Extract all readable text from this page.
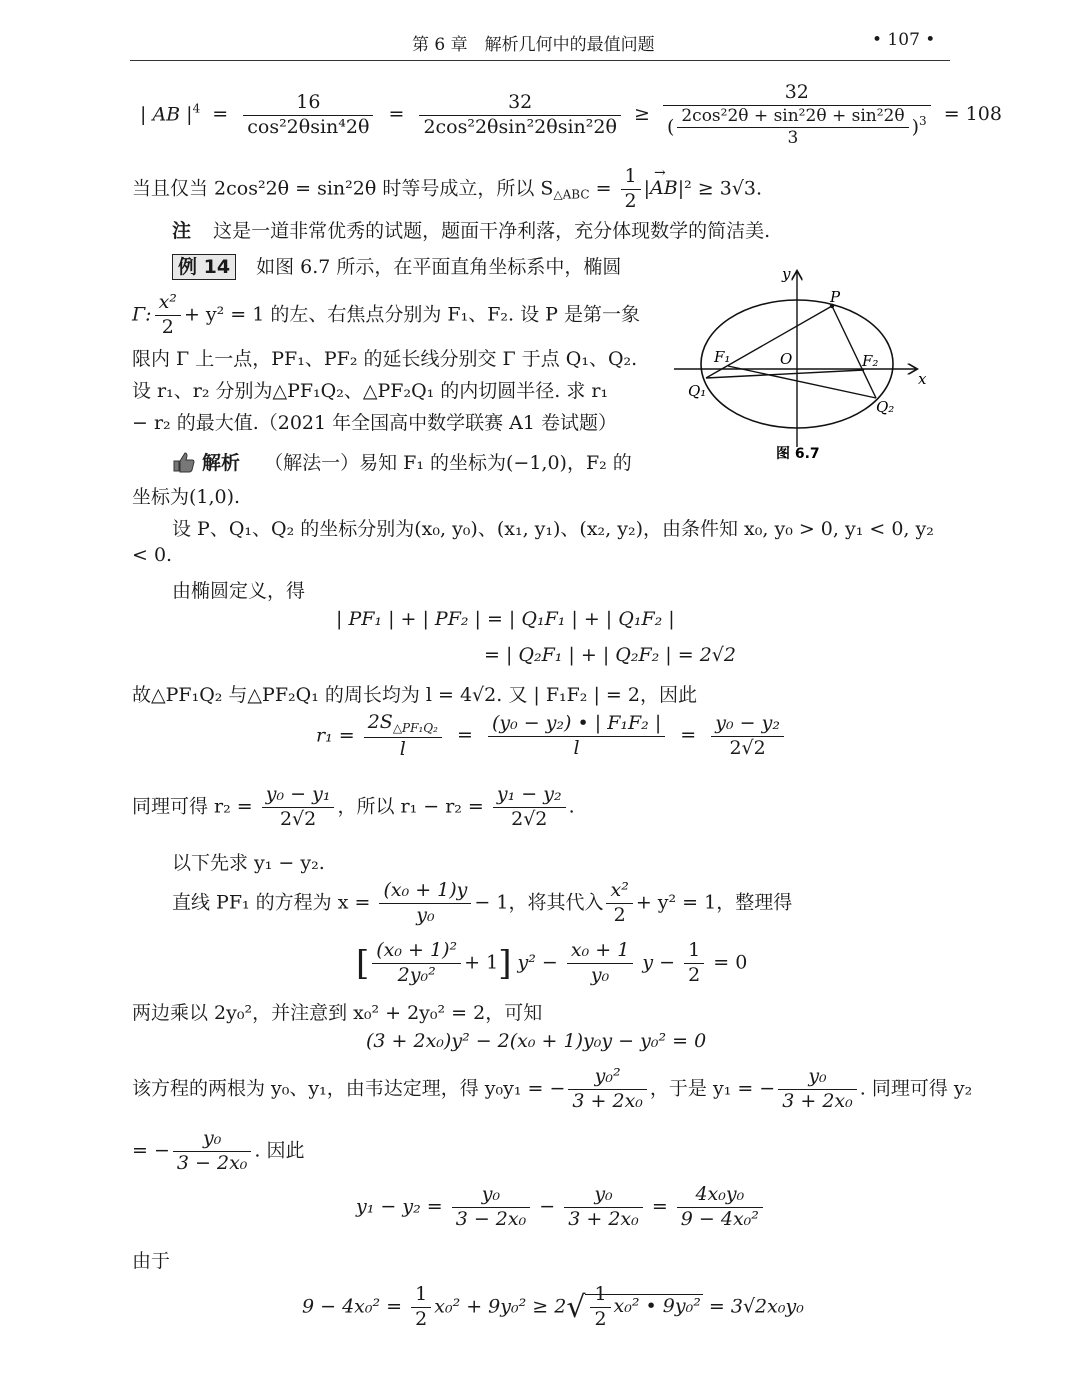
第 6 章　解析几何中的最值问题	• 107 •
| AB $|^4 = \frac{16}{\text{cos²2θsin⁴2θ}} = \frac{32}{\text{2cos²2θsin²2θsin²2θ}} \ge \frac{32}{( \frac{\text{2cos²2θ + sin²2θ + sin²2θ}}{3} )^3} = 108$
当且仅当 2cos²2θ = sin²2θ 时等号成立，所以 $S_{\triangle ABC} = \frac{1}{2}$ |
→
AB|² ≥ 3√3.
注 这是一道非常优秀的试题，题面干净利落，充分体现数学的简洁美.
例 14 如图 6.7 所示，在平面直角坐标系中，椭圆
Γ: $\frac{\text{x²}}{2} + y^2 = 1$ 的左、右焦点分别为 F₁、F₂. 设 P 是第一象
限内 Γ 上一点，PF₁、PF₂ 的延长线分别交 Γ 于点 Q₁、Q₂.
设 r₁、r₂ 分别为△PF₁Q₂、△PF₂Q₁ 的内切圆半径. 求 r₁
− r₂ 的最大值.（2021 年全国高中数学联赛 A1 卷试题）
解析 （解法一）易知 F₁ 的坐标为(−1,0)，F₂ 的
坐标为(1,0).
设 P、Q₁、Q₂ 的坐标分别为(x₀, y₀)、(x₁, y₁)、(x₂, y₂)，由条件知 x₀, y₀ > 0, y₁ < 0, y₂
< 0.
由椭圆定义，得
| PF₁ | + | PF₂ | = | Q₁F₁ | + | Q₁F₂ |
= | Q₂F₁ | + | Q₂F₂ | = 2√2
故△PF₁Q₂ 与△PF₂Q₁ 的周长均为 l = 4√2. 又 | F₁F₂ | = 2，因此
$r_1 = \frac{2S_{\triangle PF_1Q_2}}{l} = \frac{\text{(y₀ − y₂) • | F₁F₂ |}}{l} = \frac{\text{y₀ − y₂}}{2√2}$
同理可得 $r_2 = \frac{\text{y₀ − y₁}}{2√2}$ ，所以 $r_1 - r_2 = \frac{\text{y₁ − y₂}}{2√2}$ .
以下先求 y₁ − y₂.
直线 PF₁ 的方程为 $x = \frac{\text{(x₀ + 1)y}}{\text{y₀}} - 1$，将其代入 $\frac{\text{x²}}{2} + y^2 = 1$，整理得
[ $\frac{\text{(x₀ + 1)²}}{\text{2y₀²}} + 1$] $y^2 - \frac{\text{x₀ + 1}}{\text{y₀}}$ $y - \frac{1}{2} = 0$
两边乘以 2y₀²，并注意到 x₀² + 2y₀² = 2，可知
(3 + 2x₀)y² − 2(x₀ + 1)y₀y − y₀² = 0
该方程的两根为 y₀、y₁，由韦达定理，得 y₀y₁ = − $\frac{\text{y₀²}}{\text{3 + 2x₀}}$ ，于是 y₁ = − $\frac{\text{y₀}}{\text{3 + 2x₀}}$ . 同理可得 y₂
= − $\frac{\text{y₀}}{\text{3 − 2x₀}}$ . 因此
$y_1 - y_2 = \frac{\text{y₀}}{\text{3 − 2x₀}} - \frac{\text{y₀}}{\text{3 + 2x₀}} = \frac{\text{4x₀y₀}}{\text{9 − 4x₀²}}$
由于
$9 - 4x_0^2 = \frac{1}{2} x_0^2 + 9y_0^2 \ge 2√ \frac{1}{2} x_0^2$ • 9y₀² = 3√2x₀y₀
y
x
O
P
F₁	F₂
Q₁
Q₂
图 6.7
